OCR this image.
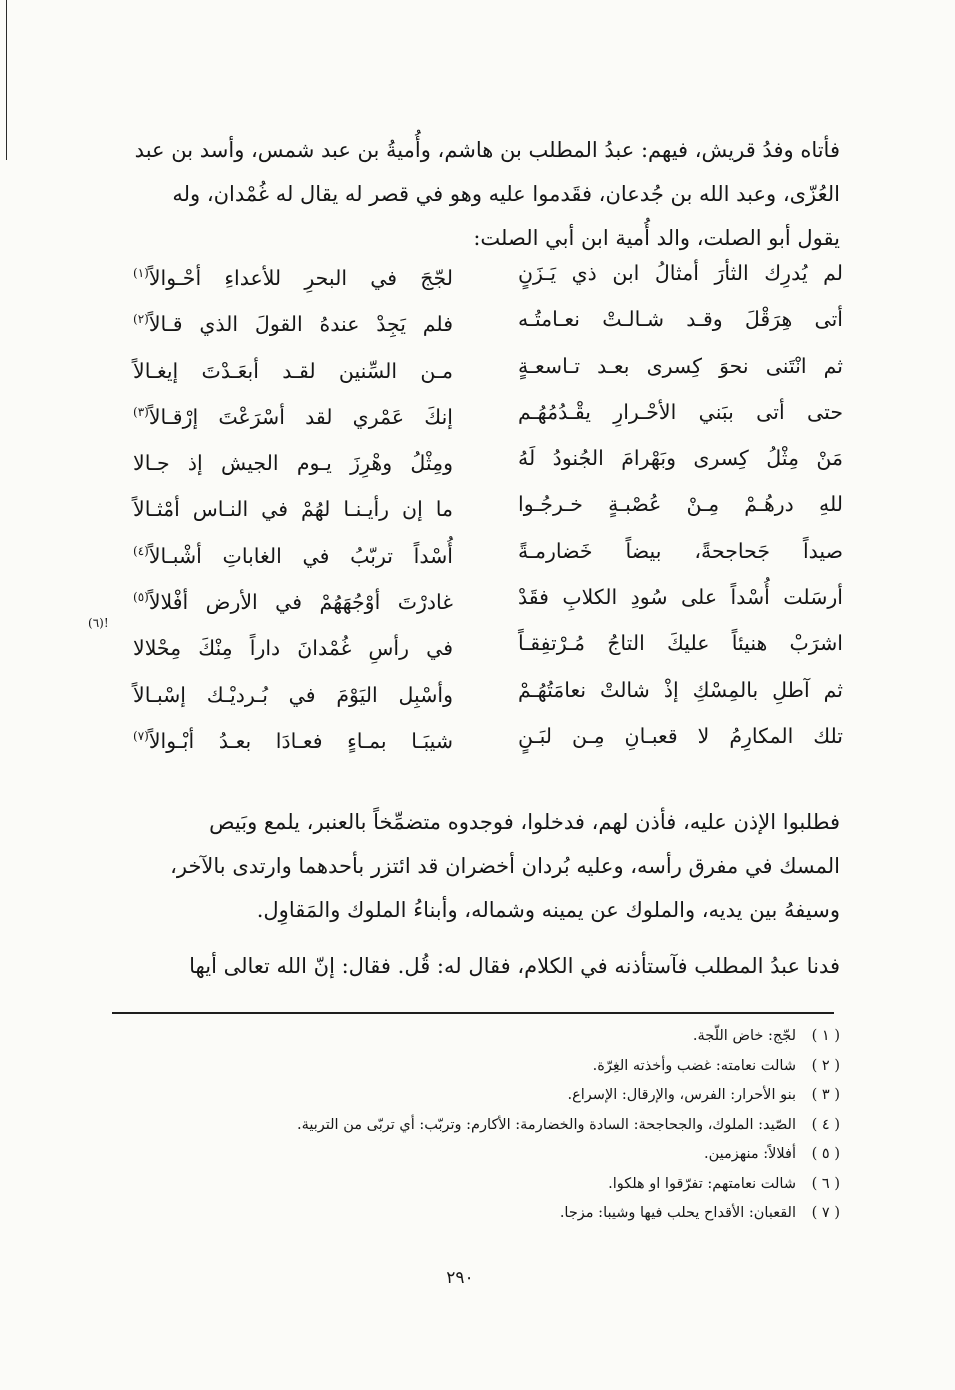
فأتاه وفدُ قريش، فيهم: عبدُ المطلب بن هاشم، وأُميةُ بن عبد شمس، وأسد بن عبد

العُزّى، وعبد الله بن جُدعان، فقَدموا عليه وهو في قصر له يقال له غُمْدان، وله

يقول أبو الصلت، والد أُمية ابن أبي الصلت:

لم يُدرِك الثأرَ أمثالُ ابن ذي يَـزَنٍ
لجّجَ في البحرِ للأعداءِ أحْـوالاً$^{(١)}$
أتى هِرَقْلَ وقـد شـالـتْ نعـامتُـه
فلم يَجِدْ عندهُ القولَ الذي قـالاً$^{(٢)}$
ثم انْتَنى نحوَ كِسرى بعـد تـاسعـةٍ
مـن السِّنين لقـد أبعَـدْتَ إيغـالاً
حتى أتى ببَني الأحْـرارِ يقْـدُمُهُـم
إنكَ عَمْري لقد أسْرَعْتَ إرْقـالاً$^{(٣)}$
مَنْ مِثْلُ كِسرى وبَهْرامَ الجُنودُ لَهُ
ومِثْلُ وهْرِزَ يـوم الجيش إذ جـالا
للهِ درهُـمْ مِـنْ عُصْبـةٍ خـرجُـوا
ما إن رأيـنـا لهُمْ في النـاس أمْثـالاً
صيداً جَحاجحةً، بيضاً خَضارمـةً
أُسْداً تربّبُ في الغاباتِ أشْبـالاً$^{(٤)}$
أرسَلت أُسْداً على سُودِ الكلابِ فقَدْ
غادرْتَ أوْجُهَهُمْ في الأرض أفْلالاً$^{(٥)}$
اشرَبْ هنيئاً عليكَ التاجُ مُـرْتفِقـاً
في رأسِ غُمْدانَ داراً مِنْكَ مِحْلالا
(٦)!
ثم آطلِ بالمِسْكِ إذْ شالتْ نعامَتُهُـمْ
وأسْبِل اليَوْمَ في بُـرديْـك إسْبـالاً
تلك المكارِمُ لا قعبـانِ مِـن لبَـنٍ
شيبَـا بمـاءٍ فعـادَا بعـدُ أبْـوالاً$^{(٧)}$

فطلبوا الإذن عليه، فأذن لهم، فدخلوا، فوجدوه متضمِّخاً بالعنبر، يلمع وبَيص

المسك في مفرق رأسه، وعليه بُردان أخضران قد ائتزر بأحدهما وارتدى بالآخر،

وسيفهُ بين يديه، والملوك عن يمينه وشماله، وأبناءُ الملوك والمَقاوِل.

فدنا عبدُ المطلب فآستأذنه في الكلام، فقال له: قُل. فقال: إنّ الله تعالى أيها

( ١ )لجّج: خاض اللّجة.
( ٢ )شالت نعامته: غضب وأخذته الغِرّة.
( ٣ )بنو الأحرار: الفرس، والإرقال: الإسراع.
( ٤ )الصّيد: الملوك، والجحاجحة: السادة والخضارمة: الأكارم: وتربّب: أي تربّى من التربية.
( ٥ )أفلالاً: منهزمين.
( ٦ )شالت نعامتهم: تفرّقوا او هلكوا.
( ٧ )القعبان: الأقداح يحلب فيها وشيبا: مزجا.
٢٩٠
